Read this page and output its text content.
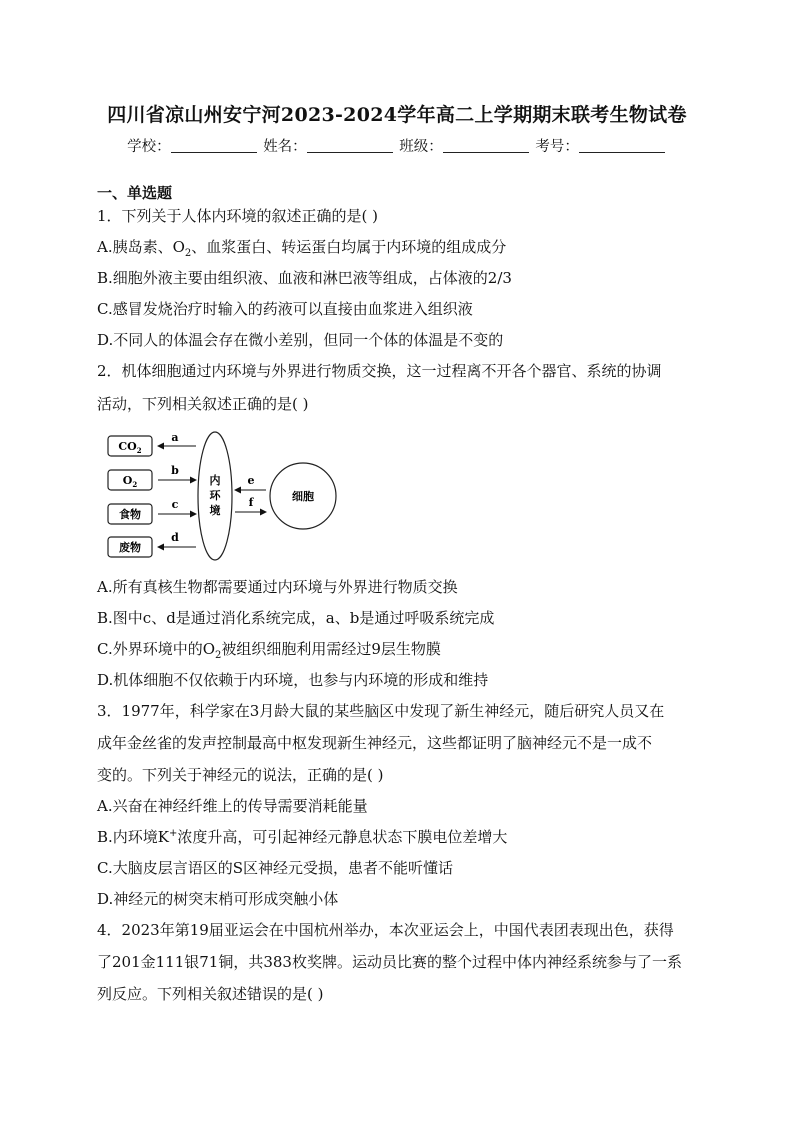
四川省凉山州安宁河2023-2024学年高二上学期期末联考生物试卷
学校：	姓名：	班级：	考号：
一、单选题
1．下列关于人体内环境的叙述正确的是( )
A.胰岛素、$O_2$、血浆蛋白、转运蛋白均属于内环境的组成成分
B.细胞外液主要由组织液、血液和淋巴液等组成，占体液的2/3
C.感冒发烧治疗时输入的药液可以直接由血浆进入组织液
D.不同人的体温会存在微小差别，但同一个体的体温是不变的
2．机体细胞通过内环境与外界进行物质交换，这一过程离不开各个器官、系统的协调
活动，下列相关叙述正确的是( )
$CO_2$
$O_2$
食物
废物
a
b
c
d
内
环
境
e
f	细胞
A.所有真核生物都需要通过内环境与外界进行物质交换
B.图中c、d是通过消化系统完成，a、b是通过呼吸系统完成
C.外界环境中的$O_2$被组织细胞利用需经过9层生物膜
D.机体细胞不仅依赖于内环境，也参与内环境的形成和维持
3．1977年，科学家在3月龄大鼠的某些脑区中发现了新生神经元，随后研究人员又在
成年金丝雀的发声控制最高中枢发现新生神经元，这些都证明了脑神经元不是一成不
变的。下列关于神经元的说法，正确的是( )
A.兴奋在神经纤维上的传导需要消耗能量
B.内环境K+浓度升高，可引起神经元静息状态下膜电位差增大
C.大脑皮层言语区的S区神经元受损，患者不能听懂话
D.神经元的树突末梢可形成突触小体
4．2023年第19届亚运会在中国杭州举办，本次亚运会上，中国代表团表现出色，获得
了201金111银71铜，共383枚奖牌。运动员比赛的整个过程中体内神经系统参与了一系
列反应。下列相关叙述错误的是( )
